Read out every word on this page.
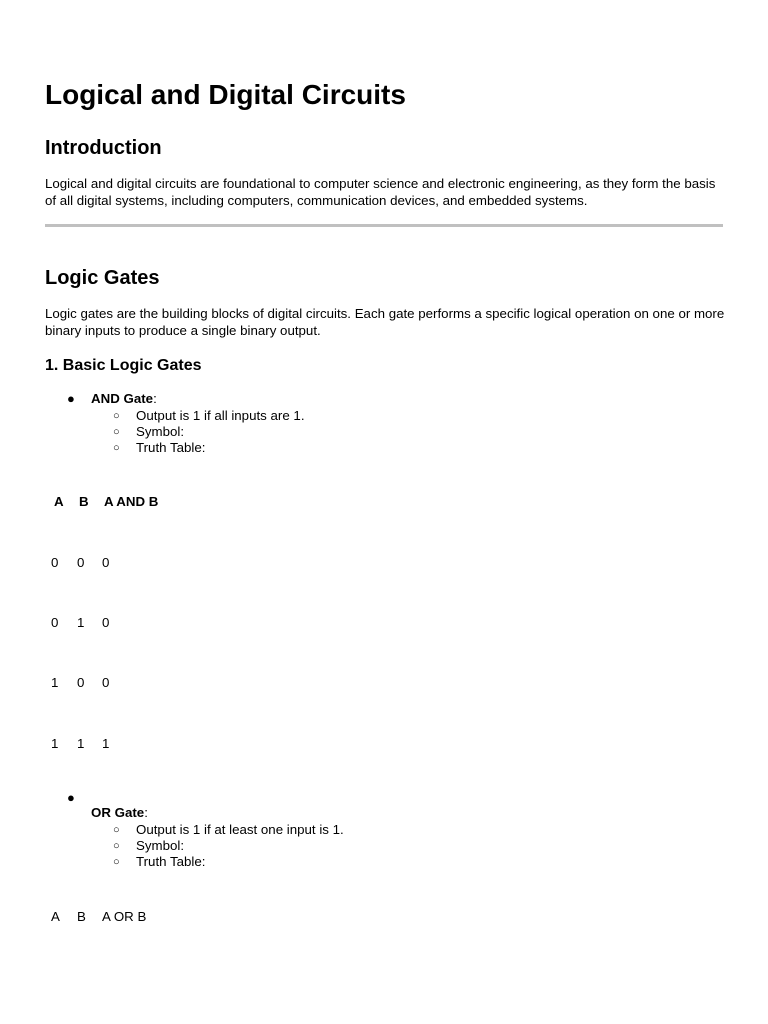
Logical and Digital Circuits
Introduction

Logical and digital circuits are foundational to computer science and electronic engineering, as they form the basis of all digital systems, including computers, communication devices, and embedded systems.

Logic Gates

Logic gates are the building blocks of digital circuits. Each gate performs a specific logical operation on one or more binary inputs to produce a single binary output.

1. Basic Logic Gates
● AND Gate:
○ Output is 1 if all inputs are 1.
○ Symbol:
○ Truth Table:
A B A AND B
0 0 0
0 1 0
1 0 0
1 1 1
●
OR Gate:
○ Output is 1 if at least one input is 1.
○ Symbol:
○ Truth Table:
A B A OR B
